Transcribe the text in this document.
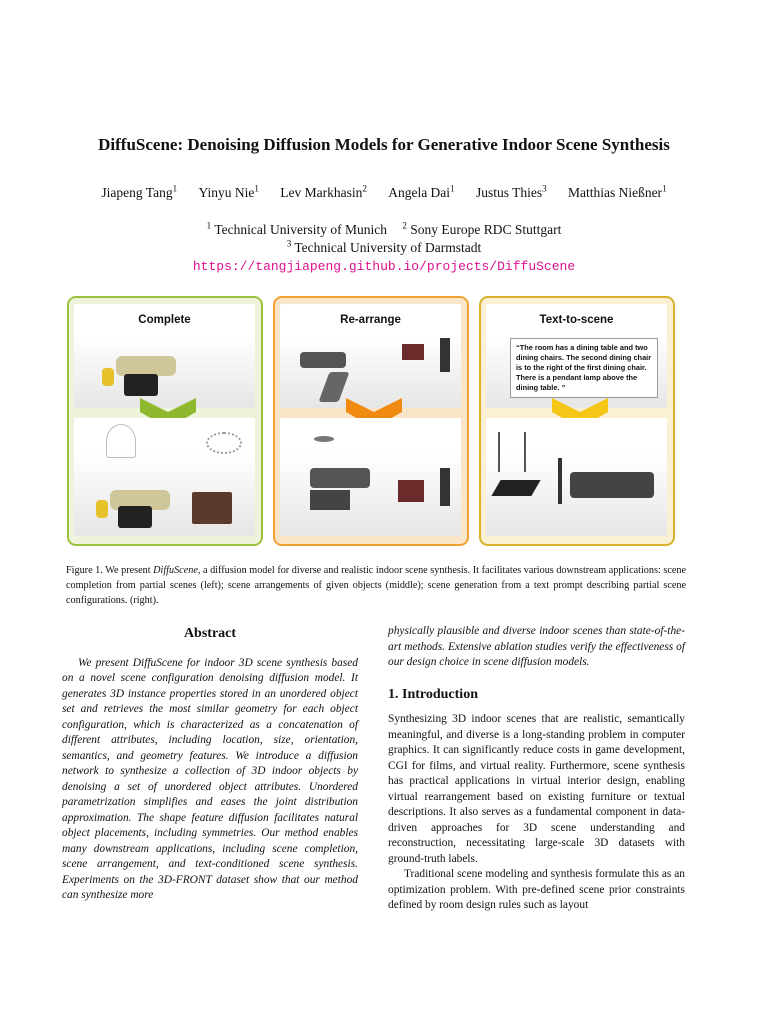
DiffuScene: Denoising Diffusion Models for Generative Indoor Scene Synthesis
Jiapeng Tang$^1$ Yinyu Nie$^1$ Lev Markhasin$^2$ Angela Dai$^1$ Justus Thies$^3$ Matthias Nießner$^1$
$^1$ Technical University of Munich $^2$ Sony Europe RDC Stuttgart
$^3$ Technical University of Darmstadt
https://tangjiapeng.github.io/projects/DiffuScene
Complete	Re-arrange	Text-to-scene
“The room has a dining table and two dining chairs. The second dining chair is to the right of the first dining chair. There is a pendant lamp above the dining table. ”
Figure 1. We present DiffuScene, a diffusion model for diverse and realistic indoor scene synthesis. It facilitates various downstream applications: scene completion from partial scenes (left); scene arrangements of given objects (middle); scene generation from a text prompt describing partial scene configurations. (right).
Abstract

We present DiffuScene for indoor 3D scene synthesis based on a novel scene configuration denoising diffusion model. It generates 3D instance properties stored in an unordered object set and retrieves the most similar geometry for each object configuration, which is characterized as a concatenation of different attributes, including location, size, orientation, semantics, and geometry features. We introduce a diffusion network to synthesize a collection of 3D indoor objects by denoising a set of unordered object attributes. Unordered parametrization simplifies and eases the joint distribution approximation. The shape feature diffusion facilitates natural object placements, including symmetries. Our method enables many downstream applications, including scene completion, scene arrangement, and text-conditioned scene synthesis. Experiments on the 3D-FRONT dataset show that our method can synthesize more

physically plausible and diverse indoor scenes than state-of-the-art methods. Extensive ablation studies verify the effectiveness of our design choice in scene diffusion models.

1. Introduction

Synthesizing 3D indoor scenes that are realistic, semantically meaningful, and diverse is a long-standing problem in computer graphics. It can significantly reduce costs in game development, CGI for films, and virtual reality. Furthermore, scene synthesis has practical applications in virtual interior design, enabling virtual rearrangement based on existing furniture or textual descriptions. It also serves as a fundamental component in data-driven approaches for 3D scene understanding and reconstruction, necessitating large-scale 3D datasets with ground-truth labels.

Traditional scene modeling and synthesis formulate this as an optimization problem. With pre-defined scene prior constraints defined by room design rules such as layout
